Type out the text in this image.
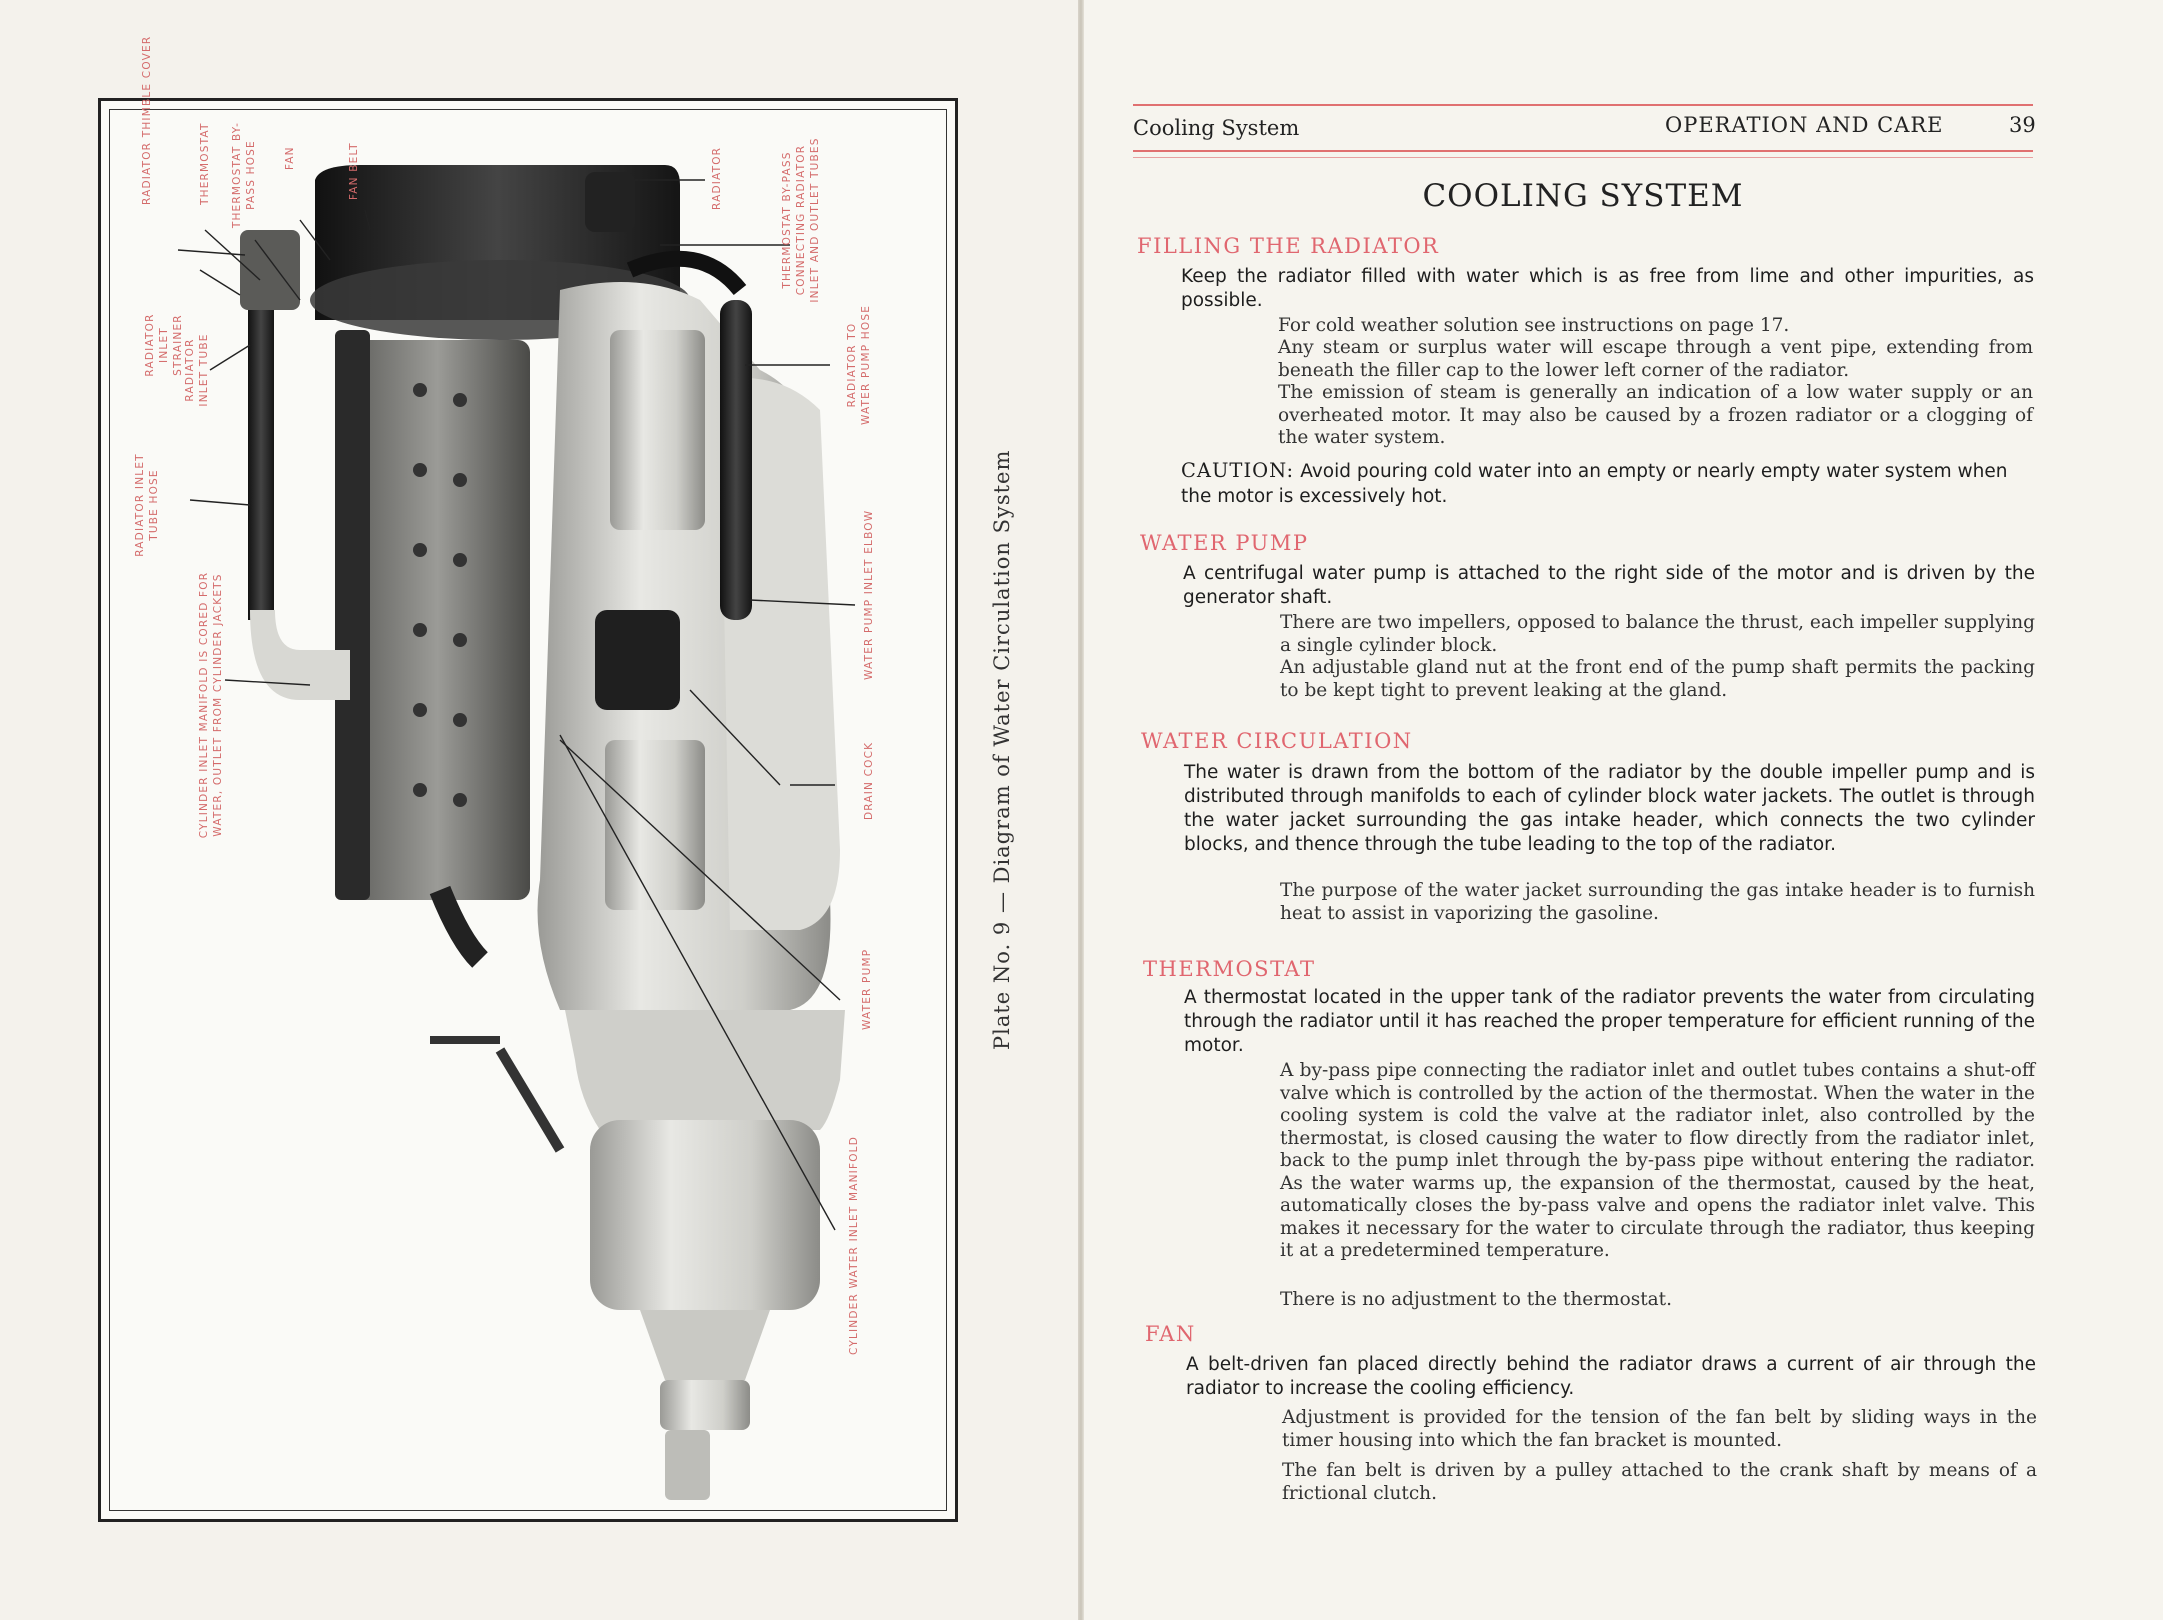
RADIATOR THIMBLE COVER	THERMOSTAT THERMOSTAT BY-PASS HOSE	FAN	FAN BELT	RADIATOR	THERMOSTAT BY-PASS CONNECTING RADIATOR INLET AND OUTLET TUBES
RADIATOR INLET STRAINER RADIATOR INLET TUBE	RADIATOR TO WATER PUMP HOSE
RADIATOR INLET TUBE HOSE
CYLINDER INLET MANIFOLD IS CORED FOR WATER, OUTLET FROM CYLINDER JACKETS	WATER PUMP INLET ELBOW
DRAIN COCK
WATER PUMP
CYLINDER WATER INLET MANIFOLD
Plate No. 9 — Diagram of Water Circulation System
Cooling System	OPERATION AND CARE	39
COOLING SYSTEM
FILLING THE RADIATOR
Keep the radiator filled with water which is as free from lime and other impurities, as possible.
For cold weather solution see instructions on page 17.
Any steam or surplus water will escape through a vent pipe, extending from beneath the filler cap to the lower left corner of the radiator.
The emission of steam is generally an indication of a low water supply or an overheated motor. It may also be caused by a frozen radiator or a clogging of the water system.
CAUTION: Avoid pouring cold water into an empty or nearly empty water system when the motor is excessively hot.
WATER PUMP
A centrifugal water pump is attached to the right side of the motor and is driven by the generator shaft.
There are two impellers, opposed to balance the thrust, each impeller supplying a single cylinder block.
An adjustable gland nut at the front end of the pump shaft permits the packing to be kept tight to prevent leaking at the gland.
WATER CIRCULATION
The water is drawn from the bottom of the radiator by the double impeller pump and is distributed through manifolds to each of cylinder block water jackets. The outlet is through the water jacket surrounding the gas intake header, which connects the two cylinder blocks, and thence through the tube leading to the top of the radiator.
The purpose of the water jacket surrounding the gas intake header is to furnish heat to assist in vaporizing the gasoline.
THERMOSTAT
A thermostat located in the upper tank of the radiator prevents the water from circulating through the radiator until it has reached the proper temperature for efficient running of the motor.
A by-pass pipe connecting the radiator inlet and outlet tubes contains a shut-off valve which is controlled by the action of the thermostat. When the water in the cooling system is cold the valve at the radiator inlet, also controlled by the thermostat, is closed causing the water to flow directly from the radiator inlet, back to the pump inlet through the by-pass pipe without entering the radiator. As the water warms up, the expansion of the thermostat, caused by the heat, automatically closes the by-pass valve and opens the radiator inlet valve. This makes it necessary for the water to circulate through the radiator, thus keeping it at a predetermined temperature.
There is no adjustment to the thermostat.
FAN
A belt-driven fan placed directly behind the radiator draws a current of air through the radiator to increase the cooling efficiency.
Adjustment is provided for the tension of the fan belt by sliding ways in the timer housing into which the fan bracket is mounted.
The fan belt is driven by a pulley attached to the crank shaft by means of a frictional clutch.
